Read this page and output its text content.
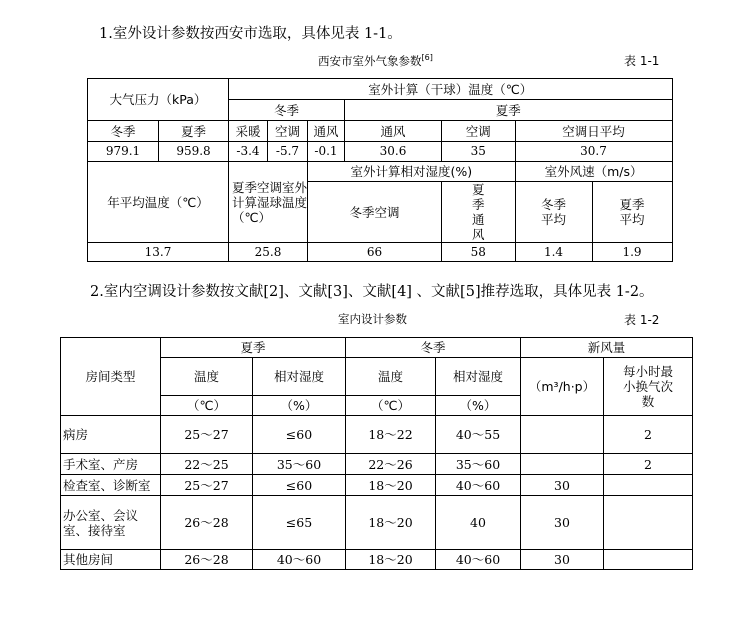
1.室外设计参数按西安市选取，具体见表 1-1。
西安市室外气象参数[6]	表 1-1
大气压力（kPa）		室外计算（干球）温度（℃）						
		冬季			夏季			
冬季	夏季	采暖	空调	通风	通风	空调	空调日平均	
979.1	959.8	-3.4	-5.7	-0.1	30.6	35	30.7	
年平均温度（℃）		夏季空调室外计算湿球温度（℃）		室外计算相对湿度(%)			室外风速（m/s）	
				冬季空调		夏季通风	冬季平均	夏季平均
13.7		25.8		66		58	1.4	1.9
2.室内空调设计参数按文献[2]、文献[3]、文献[4] 、文献[5]推荐选取，具体见表 1-2。
室内设计参数	表 1-2
房间类型	夏季		冬季		新风量	
	温度	相对湿度	温度	相对湿度	（m³/h·p）	每小时最小换气次数
	（℃）	（%）	（℃）	（%）		
病房	25～27	≤60	18～22	40～55		2
手术室、产房	22～25	35～60	22～26	35～60		2
检查室、诊断室	25～27	≤60	18～20	40～60	30	
办公室、会议室、接待室	26～28	≤65	18～20	40	30	
其他房间	26～28	40～60	18～20	40～60	30	
